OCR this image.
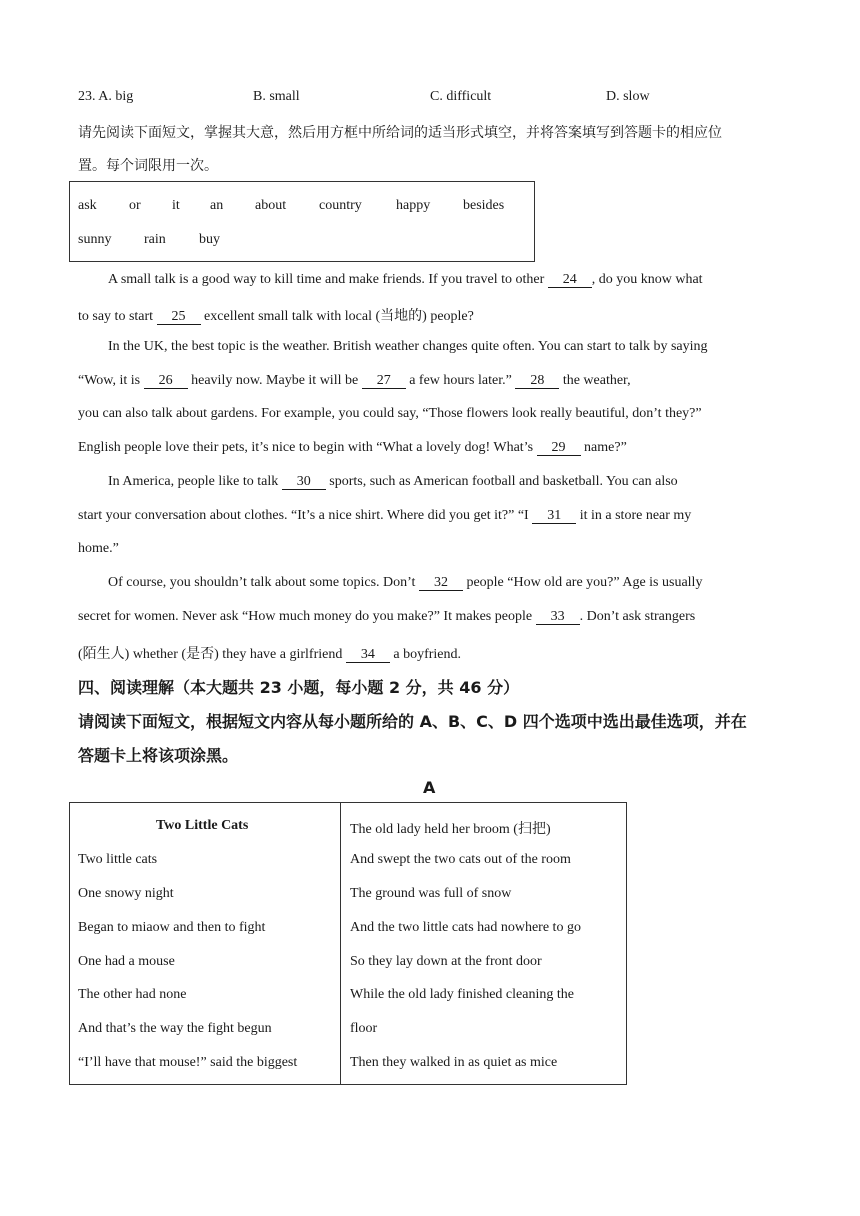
23. A. big	B. small	C. difficult	D. slow
请先阅读下面短文，掌握其大意，然后用方框中所给词的适当形式填空，并将答案填写到答题卡的相应位
置。每个词限用一次。
ask or it an about country happy besides
sunny rain buy
A small talk is a good way to kill time and make friends. If you travel to other 24 , do you know what
to say to start 25 excellent small talk with local (当地的) people?
In the UK, the best topic is the weather. British weather changes quite often. You can start to talk by saying
“Wow, it is 26 heavily now. Maybe it will be 27 a few hours later.” 28 the weather,
you can also talk about gardens. For example, you could say, “Those flowers look really beautiful, don’t they?”
English people love their pets, it’s nice to begin with “What a lovely dog! What’s 29 name?”
In America, people like to talk 30 sports, such as American football and basketball. You can also
start your conversation about clothes. “It’s a nice shirt. Where did you get it?” “I 31 it in a store near my
home.”
Of course, you shouldn’t talk about some topics. Don’t 32 people “How old are you?” Age is usually
secret for women. Never ask “How much money do you make?” It makes people 33 . Don’t ask strangers
(陌生人) whether (是否) they have a girlfriend 34 a boyfriend.
四、阅读理解（本大题共 23 小题，每小题 2 分，共 46 分）
请阅读下面短文，根据短文内容从每小题所给的 A、B、C、D 四个选项中选出最佳选项，并在
答题卡上将该项涂黑。
A
Two Little Cats
Two little cats
One snowy night
Began to miaow and then to fight
One had a mouse
The other had none
And that’s the way the fight begun
“I’ll have that mouse!” said the biggest
The old lady held her broom (扫把)
And swept the two cats out of the room
The ground was full of snow
And the two little cats had nowhere to go
So they lay down at the front door
While the old lady finished cleaning the
floor
Then they walked in as quiet as mice
